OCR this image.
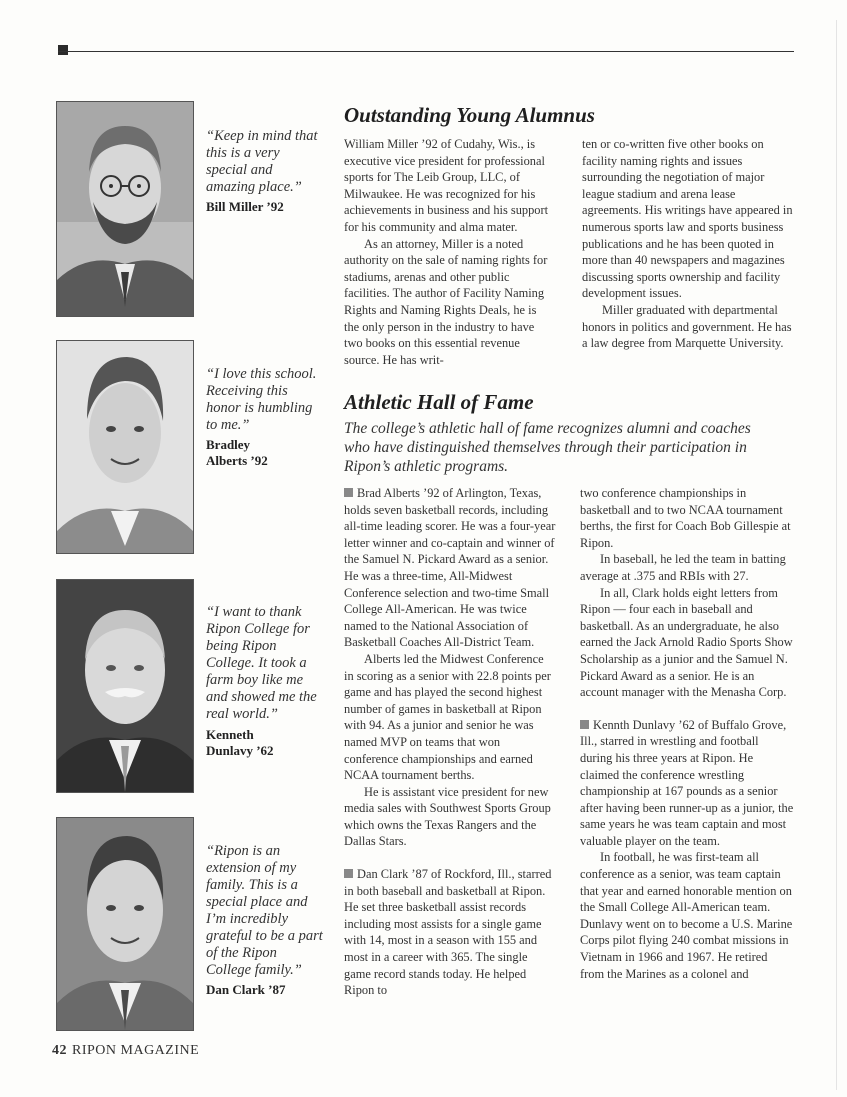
“Keep in mind that this is a very special and amazing place.”
Bill Miller ’92
“I love this school. Receiving this honor is humbling to me.”
Bradley
Alberts ’92
“I want to thank Ripon College for being Ripon College. It took a farm boy like me and showed me the real world.”
Kenneth
Dunlavy ’62
“Ripon is an extension of my family. This is a special place and I’m incredibly grateful to be a part of the Ripon College family.”
Dan Clark ’87
Outstanding Young Alumnus

William Miller ’92 of Cudahy, Wis., is executive vice president for professional sports for The Leib Group, LLC, of Milwaukee. He was recognized for his achievements in business and his support for his community and alma mater.

As an attorney, Miller is a noted authority on the sale of naming rights for stadiums, arenas and other public facilities. The author of Facility Naming Rights and Naming Rights Deals, he is the only person in the industry to have two books on this essential revenue source. He has writ-

ten or co-written five other books on facility naming rights and issues surrounding the negotiation of major league stadium and arena lease agreements. His writings have appeared in numerous sports law and sports business publications and he has been quoted in more than 40 newspapers and magazines discussing sports ownership and facility development issues.

Miller graduated with departmental honors in politics and government. He has a law degree from Marquette University.

Athletic Hall of Fame

The college’s athletic hall of fame recognizes alumni and coaches who have distinguished themselves through their participation in Ripon’s athletic programs.

Brad Alberts ’92 of Arlington, Texas, holds seven basketball records, including all-time leading scorer. He was a four-year letter winner and co-captain and winner of the Samuel N. Pickard Award as a senior. He was a three-time, All-Midwest Conference selection and two-time Small College All-American. He was twice named to the National Association of Basketball Coaches All-District Team.

Alberts led the Midwest Conference in scoring as a senior with 22.8 points per game and has played the second highest number of games in basketball at Ripon with 94. As a junior and senior he was named MVP on teams that won conference championships and earned NCAA tournament berths.

He is assistant vice president for new media sales with Southwest Sports Group which owns the Texas Rangers and the Dallas Stars.

Dan Clark ’87 of Rockford, Ill., starred in both baseball and basketball at Ripon. He set three basketball assist records including most assists for a single game with 14, most in a season with 155 and most in a career with 365. The single game record stands today. He helped Ripon to

two conference championships in basketball and to two NCAA tournament berths, the first for Coach Bob Gillespie at Ripon.

In baseball, he led the team in batting average at .375 and RBIs with 27.

In all, Clark holds eight letters from Ripon — four each in baseball and basketball. As an undergraduate, he also earned the Jack Arnold Radio Sports Show Scholarship as a junior and the Samuel N. Pickard Award as a senior. He is an account manager with the Menasha Corp.

Kennth Dunlavy ’62 of Buffalo Grove, Ill., starred in wrestling and football during his three years at Ripon. He claimed the conference wrestling championship at 167 pounds as a senior after having been runner-up as a junior, the same years he was team captain and most valuable player on the team.

In football, he was first-team all conference as a senior, was team captain that year and earned honorable mention on the Small College All-American team. Dunlavy went on to become a U.S. Marine Corps pilot flying 240 combat missions in Vietnam in 1966 and 1967. He retired from the Marines as a colonel and

42 RIPON MAGAZINE
